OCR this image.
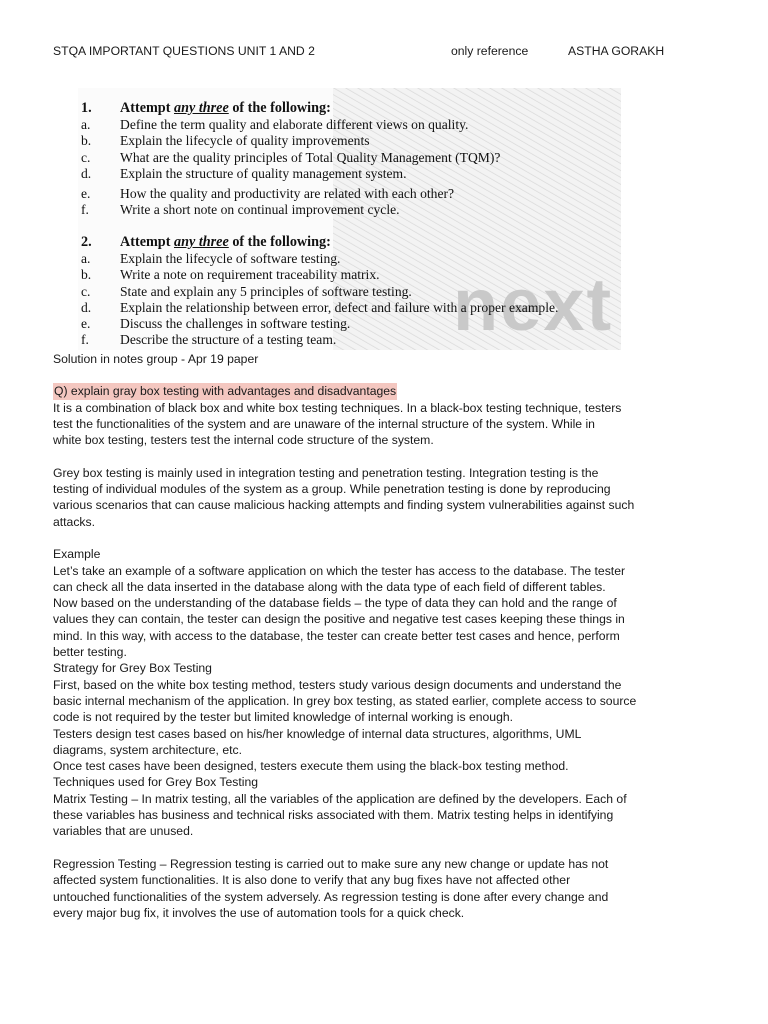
STQA IMPORTANT QUESTIONS UNIT 1 AND 2	only reference	ASTHA GORAKH
next
1. Attempt any three of the following:
a. Define the term quality and elaborate different views on quality.
b. Explain the lifecycle of quality improvements
c. What are the quality principles of Total Quality Management (TQM)?
d. Explain the structure of quality management system.
e. How the quality and productivity are related with each other?
f. Write a short note on continual improvement cycle.
2. Attempt any three of the following:
a. Explain the lifecycle of software testing.
b. Write a note on requirement traceability matrix.
c. State and explain any 5 principles of software testing.
d. Explain the relationship between error, defect and failure with a proper example.
e. Discuss the challenges in software testing.
f. Describe the structure of a testing team.

Solution in notes group - Apr 19 paper

Q) explain gray box testing with advantages and disadvantages

It is a combination of black box and white box testing techniques. In a black-box testing technique, testers

test the functionalities of the system and are unaware of the internal structure of the system. While in

white box testing, testers test the internal code structure of the system.

Grey box testing is mainly used in integration testing and penetration testing. Integration testing is the

testing of individual modules of the system as a group. While penetration testing is done by reproducing

various scenarios that can cause malicious hacking attempts and finding system vulnerabilities against such

attacks.

Example

Let’s take an example of a software application on which the tester has access to the database. The tester

can check all the data inserted in the database along with the data type of each field of different tables.

Now based on the understanding of the database fields – the type of data they can hold and the range of

values they can contain, the tester can design the positive and negative test cases keeping these things in

mind. In this way, with access to the database, the tester can create better test cases and hence, perform

better testing.

Strategy for Grey Box Testing

First, based on the white box testing method, testers study various design documents and understand the

basic internal mechanism of the application. In grey box testing, as stated earlier, complete access to source

code is not required by the tester but limited knowledge of internal working is enough.

Testers design test cases based on his/her knowledge of internal data structures, algorithms, UML

diagrams, system architecture, etc.

Once test cases have been designed, testers execute them using the black-box testing method.

Techniques used for Grey Box Testing

Matrix Testing – In matrix testing, all the variables of the application are defined by the developers. Each of

these variables has business and technical risks associated with them. Matrix testing helps in identifying

variables that are unused.

Regression Testing – Regression testing is carried out to make sure any new change or update has not

affected system functionalities. It is also done to verify that any bug fixes have not affected other

untouched functionalities of the system adversely. As regression testing is done after every change and

every major bug fix, it involves the use of automation tools for a quick check.
